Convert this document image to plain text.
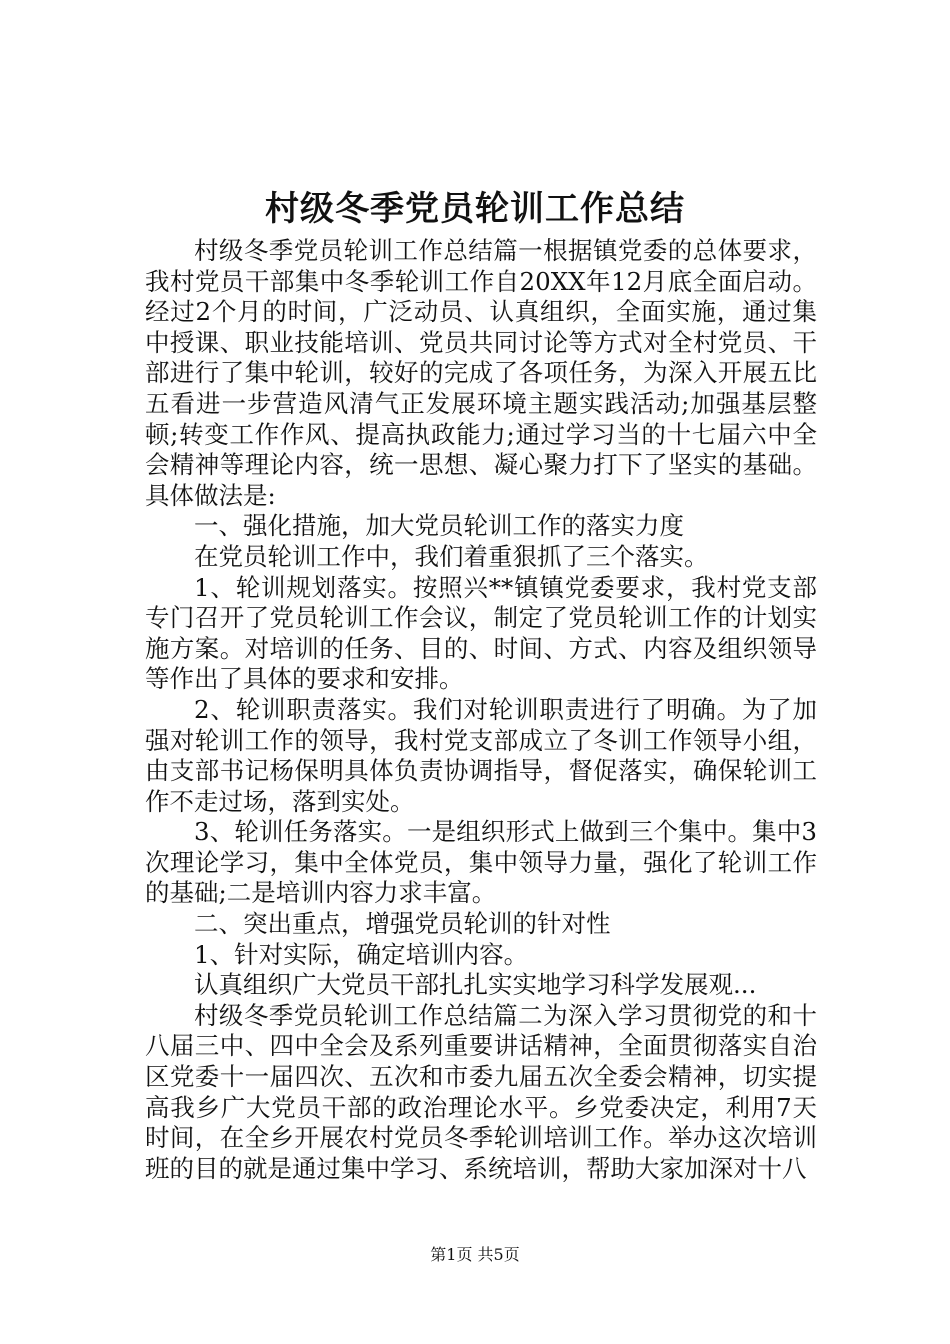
村级冬季党员轮训工作总结

村级冬季党员轮训工作总结篇一根据镇党委的总体要求，我村党员干部集中冬季轮训工作自20XX年12月底全面启动。经过2个月的时间，广泛动员、认真组织，全面实施，通过集中授课、职业技能培训、党员共同讨论等方式对全村党员、干部进行了集中轮训，较好的完成了各项任务，为深入开展五比五看进一步营造风清气正发展环境主题实践活动;加强基层整顿;转变工作作风、提高执政能力;通过学习当的十七届六中全会精神等理论内容，统一思想、凝心聚力打下了坚实的基础。具体做法是:

一、强化措施，加大党员轮训工作的落实力度

在党员轮训工作中，我们着重狠抓了三个落实。

1、轮训规划落实。按照兴**镇镇党委要求，我村党支部专门召开了党员轮训工作会议，制定了党员轮训工作的计划实施方案。对培训的任务、目的、时间、方式、内容及组织领导等作出了具体的要求和安排。

2、轮训职责落实。我们对轮训职责进行了明确。为了加强对轮训工作的领导，我村党支部成立了冬训工作领导小组，由支部书记杨保明具体负责协调指导，督促落实，确保轮训工作不走过场，落到实处。

3、轮训任务落实。一是组织形式上做到三个集中。集中3次理论学习，集中全体党员，集中领导力量，强化了轮训工作的基础;二是培训内容力求丰富。

二、突出重点，增强党员轮训的针对性

1、针对实际，确定培训内容。

认真组织广大党员干部扎扎实实地学习科学发展观...

村级冬季党员轮训工作总结篇二为深入学习贯彻党的和十八届三中、四中全会及系列重要讲话精神，全面贯彻落实自治区党委十一届四次、五次和市委九届五次全委会精神，切实提高我乡广大党员干部的政治理论水平。乡党委决定，利用7天时间，在全乡开展农村党员冬季轮训培训工作。举办这次培训班的目的就是通过集中学习、系统培训，帮助大家加深对十八

第1页 共5页
